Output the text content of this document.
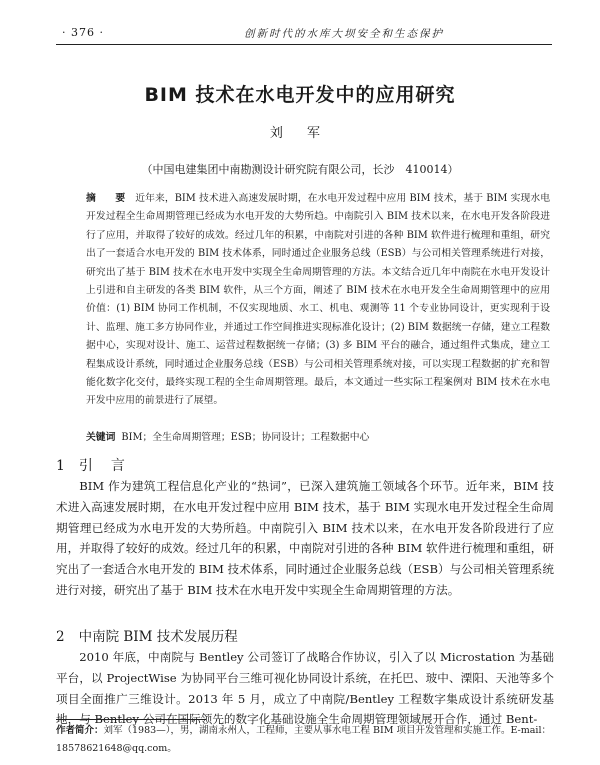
· 376 ·	创新时代的水库大坝安全和生态保护
BIM 技术在水电开发中的应用研究
刘 军
（中国电建集团中南勘测设计研究院有限公司，长沙　410014）
摘 要 近年来，BIM 技术进入高速发展时期，在水电开发过程中应用 BIM 技术，基于 BIM 实现水电开发过程全生命周期管理已经成为水电开发的大势所趋。中南院引入 BIM 技术以来，在水电开发各阶段进行了应用，并取得了较好的成效。经过几年的积累，中南院对引进的各种 BIM 软件进行梳理和重组，研究出了一套适合水电开发的 BIM 技术体系，同时通过企业服务总线（ESB）与公司相关管理系统进行对接，研究出了基于 BIM 技术在水电开发中实现全生命周期管理的方法。本文结合近几年中南院在水电开发设计上引进和自主研发的各类 BIM 软件，从三个方面，阐述了 BIM 技术在水电开发全生命周期管理中的应用价值：(1) BIM 协同工作机制，不仅实现地质、水工、机电、观测等 11 个专业协同设计，更实现利于设计、监理、施工多方协同作业，并通过工作空间推进实现标准化设计；(2) BIM 数据统一存储，建立工程数据中心，实现对设计、施工、运营过程数据统一存储；(3) 多 BIM 平台的融合，通过组件式集成，建立工程集成设计系统，同时通过企业服务总线（ESB）与公司相关管理系统对接，可以实现工程数据的扩充和智能化数字化交付，最终实现工程的全生命周期管理。最后，本文通过一些实际工程案例对 BIM 技术在水电开发中应用的前景进行了展望。
关键词 BIM；全生命周期管理；ESB；协同设计；工程数据中心
1 引言

BIM 作为建筑工程信息化产业的“热词”，已深入建筑施工领域各个环节。近年来，BIM 技术进入高速发展时期，在水电开发过程中应用 BIM 技术，基于 BIM 实现水电开发过程全生命周期管理已经成为水电开发的大势所趋。中南院引入 BIM 技术以来，在水电开发各阶段进行了应用，并取得了较好的成效。经过几年的积累，中南院对引进的各种 BIM 软件进行梳理和重组，研究出了一套适合水电开发的 BIM 技术体系，同时通过企业服务总线（ESB）与公司相关管理系统进行对接，研究出了基于 BIM 技术在水电开发中实现全生命周期管理的方法。

2 中南院 BIM 技术发展历程

2010 年底，中南院与 Bentley 公司签订了战略合作协议，引入了以 Microstation 为基础平台，以 ProjectWise 为协同平台三维可视化协同设计系统，在托巴、玻中、溧阳、天池等多个项目全面推广三维设计。2013 年 5 月，成立了中南院/Bentley 工程数字集成设计系统研发基地，与 Bentley 公司在国际领先的数字化基础设施全生命周期管理领域展开合作，通过 Bent-

作者简介：刘军（1983—），男，湖南永州人，工程师，主要从事水电工程 BIM 项目开发管理和实施工作。E-mail：18578621648@qq.com。
